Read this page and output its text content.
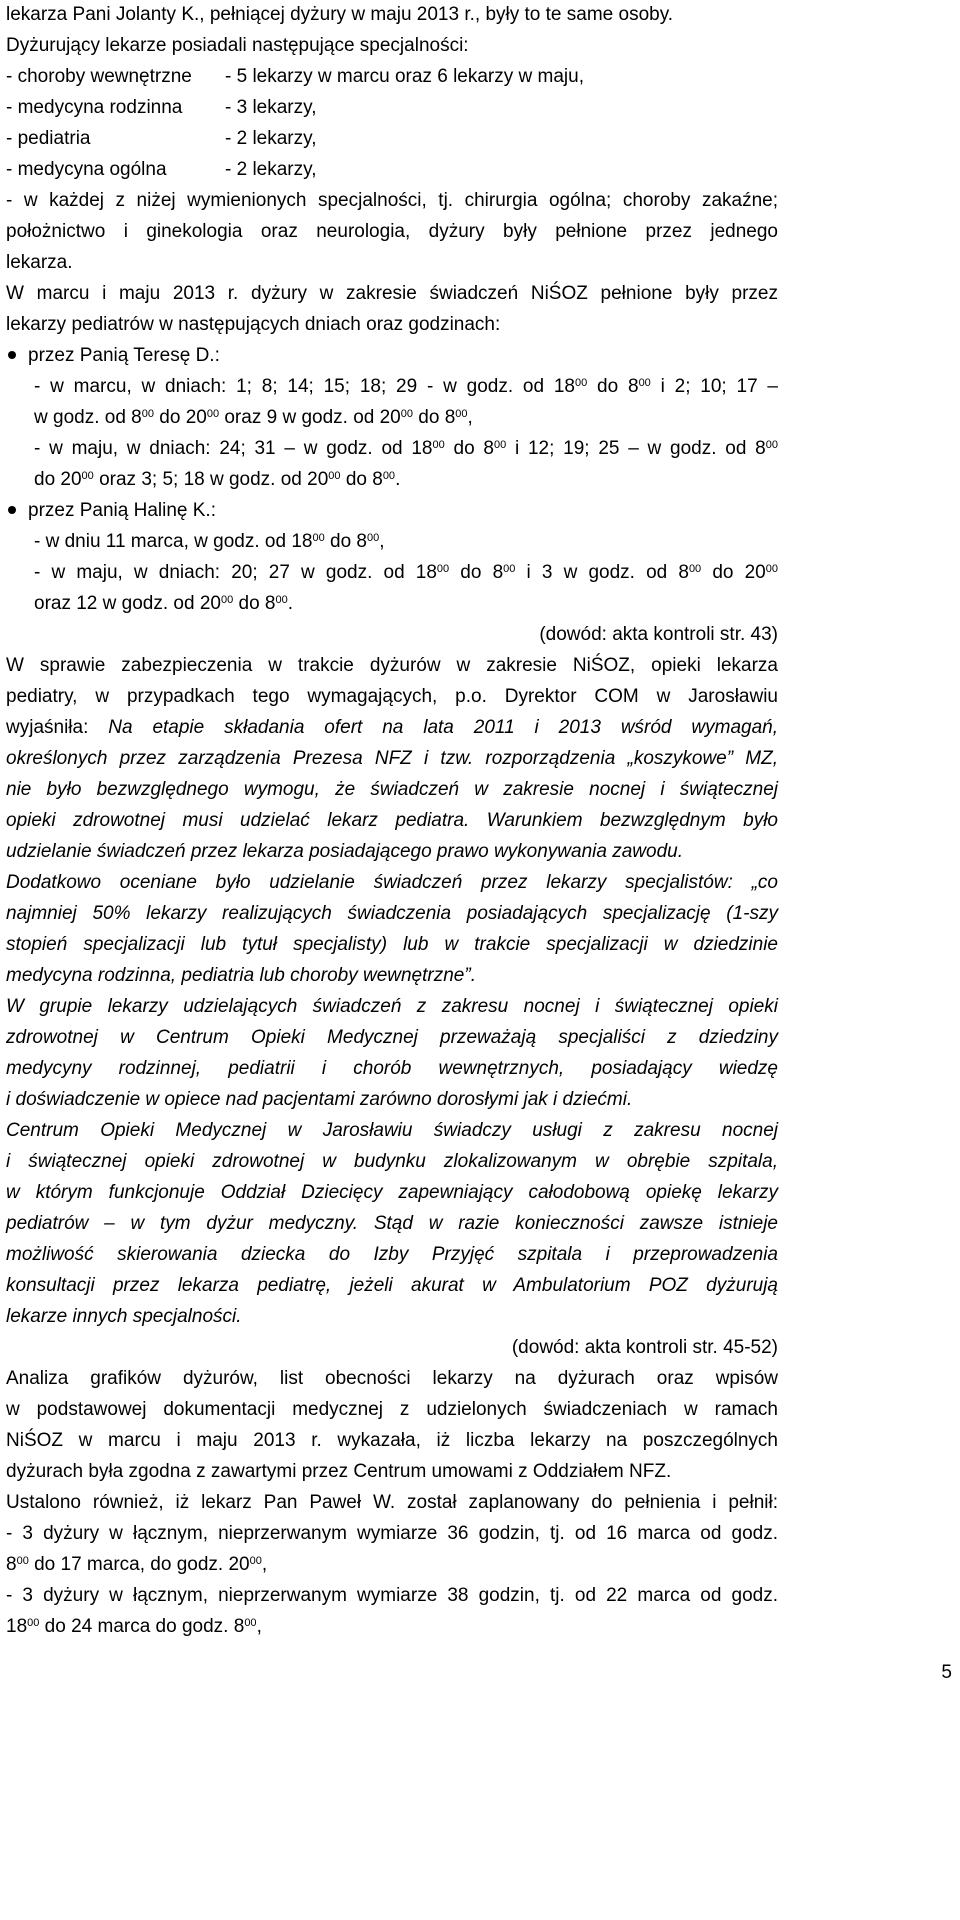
lekarza Pani Jolanty K., pełniącej dyżury w maju 2013 r., były to te same osoby.
Dyżurujący lekarze posiadali następujące specjalności:
- choroby wewnętrzne - 5 lekarzy w marcu oraz 6 lekarzy w maju,
- medycyna rodzinna - 3 lekarzy,
- pediatria	- 2 lekarzy,
- medycyna ogólna	- 2 lekarzy,
- w każdej z niżej wymienionych specjalności, tj. chirurgia ogólna; choroby zakaźne;
położnictwo i ginekologia oraz neurologia, dyżury były pełnione przez jednego
lekarza.
W marcu i maju 2013 r. dyżury w zakresie świadczeń NiŚOZ pełnione były przez
lekarzy pediatrów w następujących dniach oraz godzinach:
przez Panią Teresę D.:
- w marcu, w dniach: 1; 8; 14; 15; 18; 29 - w godz. od $18^{00}$ do $8^{00}$ i 2; 10; 17 –
w godz. od $8^{00}$ do $20^{00}$ oraz 9 w godz. od $20^{00}$ do $8^{00}$,
- w maju, w dniach: 24; 31 – w godz. od $18^{00}$ do $8^{00}$ i 12; 19; 25 – w godz. od $8^{00}$
do $20^{00}$ oraz 3; 5; 18 w godz. od $20^{00}$ do $8^{00}$.
przez Panią Halinę K.:
- w dniu 11 marca, w godz. od $18^{00}$ do $8^{00}$,
- w maju, w dniach: 20; 27 w godz. od $18^{00}$ do $8^{00}$ i 3 w godz. od $8^{00}$ do $20^{00}$
oraz 12 w godz. od $20^{00}$ do $8^{00}$.
(dowód: akta kontroli str. 43)
W sprawie zabezpieczenia w trakcie dyżurów w zakresie NiŚOZ, opieki lekarza
pediatry, w przypadkach tego wymagających, p.o. Dyrektor COM w Jarosławiu
wyjaśniła: Na etapie składania ofert na lata 2011 i 2013 wśród wymagań,
określonych przez zarządzenia Prezesa NFZ i tzw. rozporządzenia „koszykowe” MZ,
nie było bezwzględnego wymogu, że świadczeń w zakresie nocnej i świątecznej
opieki zdrowotnej musi udzielać lekarz pediatra. Warunkiem bezwzględnym było
udzielanie świadczeń przez lekarza posiadającego prawo wykonywania zawodu.
Dodatkowo oceniane było udzielanie świadczeń przez lekarzy specjalistów: „co
najmniej 50% lekarzy realizujących świadczenia posiadających specjalizację (1-szy
stopień specjalizacji lub tytuł specjalisty) lub w trakcie specjalizacji w dziedzinie
medycyna rodzinna, pediatria lub choroby wewnętrzne”.
W grupie lekarzy udzielających świadczeń z zakresu nocnej i świątecznej opieki
zdrowotnej w Centrum Opieki Medycznej przeważają specjaliści z dziedziny
medycyny rodzinnej, pediatrii i chorób wewnętrznych, posiadający wiedzę
i doświadczenie w opiece nad pacjentami zarówno dorosłymi jak i dziećmi.
Centrum Opieki Medycznej w Jarosławiu świadczy usługi z zakresu nocnej
i świątecznej opieki zdrowotnej w budynku zlokalizowanym w obrębie szpitala,
w którym funkcjonuje Oddział Dziecięcy zapewniający całodobową opiekę lekarzy
pediatrów – w tym dyżur medyczny. Stąd w razie konieczności zawsze istnieje
możliwość skierowania dziecka do Izby Przyjęć szpitala i przeprowadzenia
konsultacji przez lekarza pediatrę, jeżeli akurat w Ambulatorium POZ dyżurują
lekarze innych specjalności.
(dowód: akta kontroli str. 45-52)
Analiza grafików dyżurów, list obecności lekarzy na dyżurach oraz wpisów
w podstawowej dokumentacji medycznej z udzielonych świadczeniach w ramach
NiŚOZ w marcu i maju 2013 r. wykazała, iż liczba lekarzy na poszczególnych
dyżurach była zgodna z zawartymi przez Centrum umowami z Oddziałem NFZ.
Ustalono również, iż lekarz Pan Paweł W. został zaplanowany do pełnienia i pełnił:
- 3 dyżury w łącznym, nieprzerwanym wymiarze 36 godzin, tj. od 16 marca od godz.
$8^{00}$ do 17 marca, do godz. $20^{00}$,
- 3 dyżury w łącznym, nieprzerwanym wymiarze 38 godzin, tj. od 22 marca od godz.
$18^{00}$ do 24 marca do godz. $8^{00}$,
5
